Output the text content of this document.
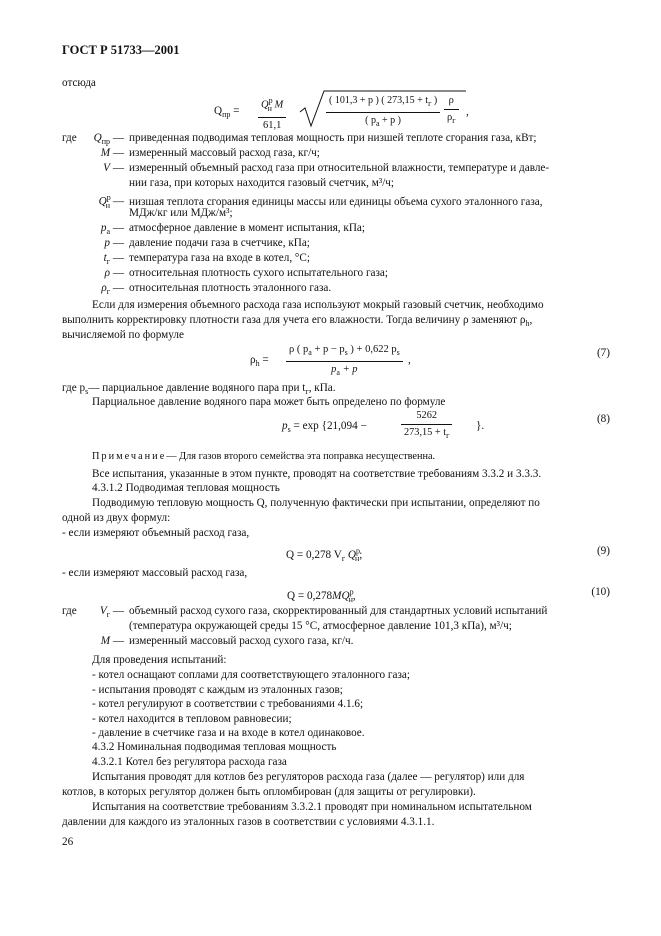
ГОСТ Р 51733—2001
отсюда
$Q_{пр} = Q^р_н$ M
61,1
( 101,3 + p ) ( $273,15 + t_г$ )
( $p_a + p$ )
ρ
$\rho_г$
,
где $Q_{пр}$ — приведенная подводимая тепловая мощность при низшей теплоте сгорания газа, кВт;
M — измеренный массовый расход газа, кг/ч;
V — измеренный объемный расход газа при относительной влажности, температуре и давле-
нии газа, при которых находится газовый счетчик, м³/ч;
$Q^р_н$ — низшая теплота сгорания единицы массы или единицы объема сухого эталонного газа,
МДж/кг или МДж/м³;
$p_а$ — атмосферное давление в момент испытания, кПа;
p — давление подачи газа в счетчике, кПа;
$t_г$ — температура газа на входе в котел, °С;
ρ — относительная плотность сухого испытательного газа;
$\rho_г$ — относительная плотность эталонного газа.
Если для измерения объемного расхода газа используют мокрый газовый счетчик, необходимо
выполнить корректировку плотности газа для учета его влажности. Тогда величину ρ заменяют $\rho_h$,
вычисляемой по формуле
$\rho_h = \frac{\rho ( p_a + p - p_s ) + 0,622 p_s}{p_a + p}$ ,
(7)
где $p_s—$ парциальное давление водяного пара при $t_г$, кПа.
Парциальное давление водяного пара может быть определено по формуле
$p_s = \exp \{21,094$ −
5262
$273,15 + t_г$
}.
(8)
Примечание— Для газов второго семейства эта поправка несущественна.
Все испытания, указанные в этом пункте, проводят на соответствие требованиям 3.3.2 и 3.3.3.
4.3.1.2 Подводимая тепловая мощность
Подводимую тепловую мощность Q, полученную фактически при испытании, определяют по
одной из двух формул:
- если измеряют объемный расход газа,
Q = 0,278 $V_г$ $Q^р_н$;	(9)
- если измеряют массовый расход газа,
$Q = 0,278MQ^р_н$,	(10)
где $V_г$ — объемный расход сухого газа, скорректированный для стандартных условий испытаний
(температура окружающей среды 15 °С, атмосферное давление 101,3 кПа), м³/ч;
M — измеренный массовый расход сухого газа, кг/ч.
Для проведения испытаний:
- котел оснащают соплами для соответствующего эталонного газа;
- испытания проводят с каждым из эталонных газов;
- котел регулируют в соответствии с требованиями 4.1.6;
- котел находится в тепловом равновесии;
- давление в счетчике газа и на входе в котел одинаковое.
4.3.2 Номинальная подводимая тепловая мощность
4.3.2.1 Котел без регулятора расхода газа
Испытания проводят для котлов без регуляторов расхода газа (далее — регулятор) или для
котлов, в которых регулятор должен быть опломбирован (для защиты от регулировки).
Испытания на соответствие требованиям 3.3.2.1 проводят при номинальном испытательном
давлении для каждого из эталонных газов в соответствии с условиями 4.3.1.1.
26
